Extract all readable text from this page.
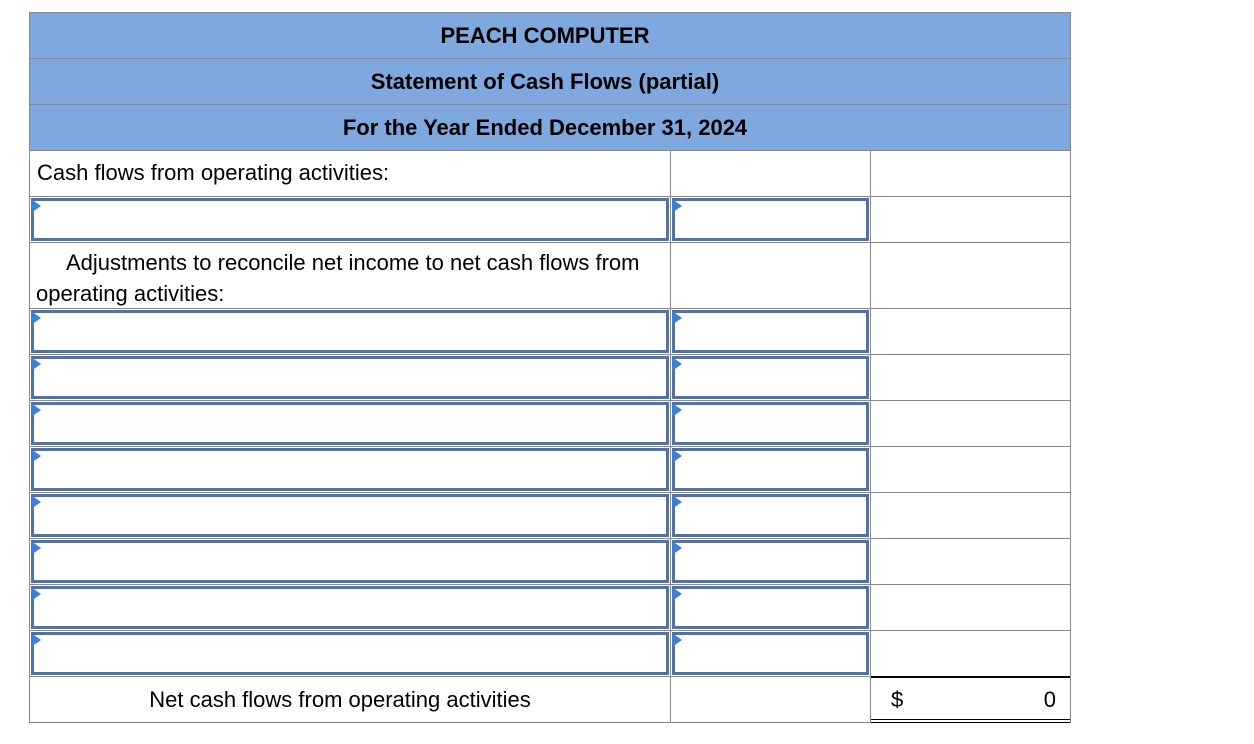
PEACH COMPUTER
Statement of Cash Flows (partial)
For the Year Ended December 31, 2024
Cash flows from operating activities:
Adjustments to reconcile net income to net cash flows from operating activities:
Net cash flows from operating activities	$	0
